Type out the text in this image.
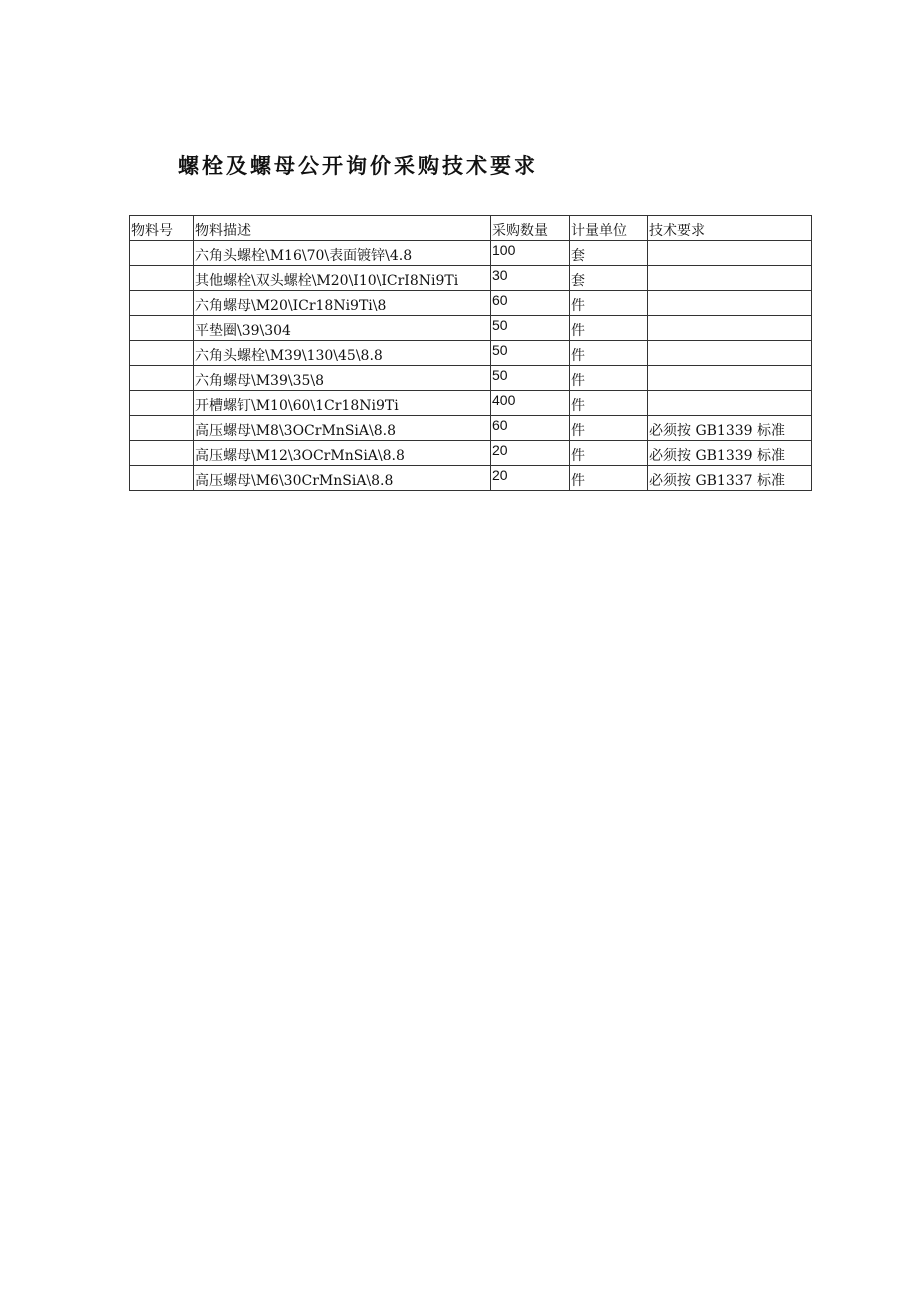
螺栓及螺母公开询价采购技术要求
物料号	物料描述	采购数量	计量单位	技术要求
	六角头螺栓\M16\70\表面镀锌\4.8	100	套	
	其他螺栓\双头螺栓\M20\I10\ICrI8Ni9Ti	30	套	
	六角螺母\M20\ICr18Ni9Ti\8	60	件	
	平垫圈\39\304	50	件	
	六角头螺栓\M39\130\45\8.8	50	件	
	六角螺母\M39\35\8	50	件	
	开槽螺钉\M10\60\1Cr18Ni9Ti	400	件	
	高压螺母\M8\3OCrMnSiA\8.8	60	件	必须按 GB1339 标准
	高压螺母\M12\3OCrMnSiA\8.8	20	件	必须按 GB1339 标准
	高压螺母\M6\30CrMnSiA\8.8	20	件	必须按 GB1337 标准
